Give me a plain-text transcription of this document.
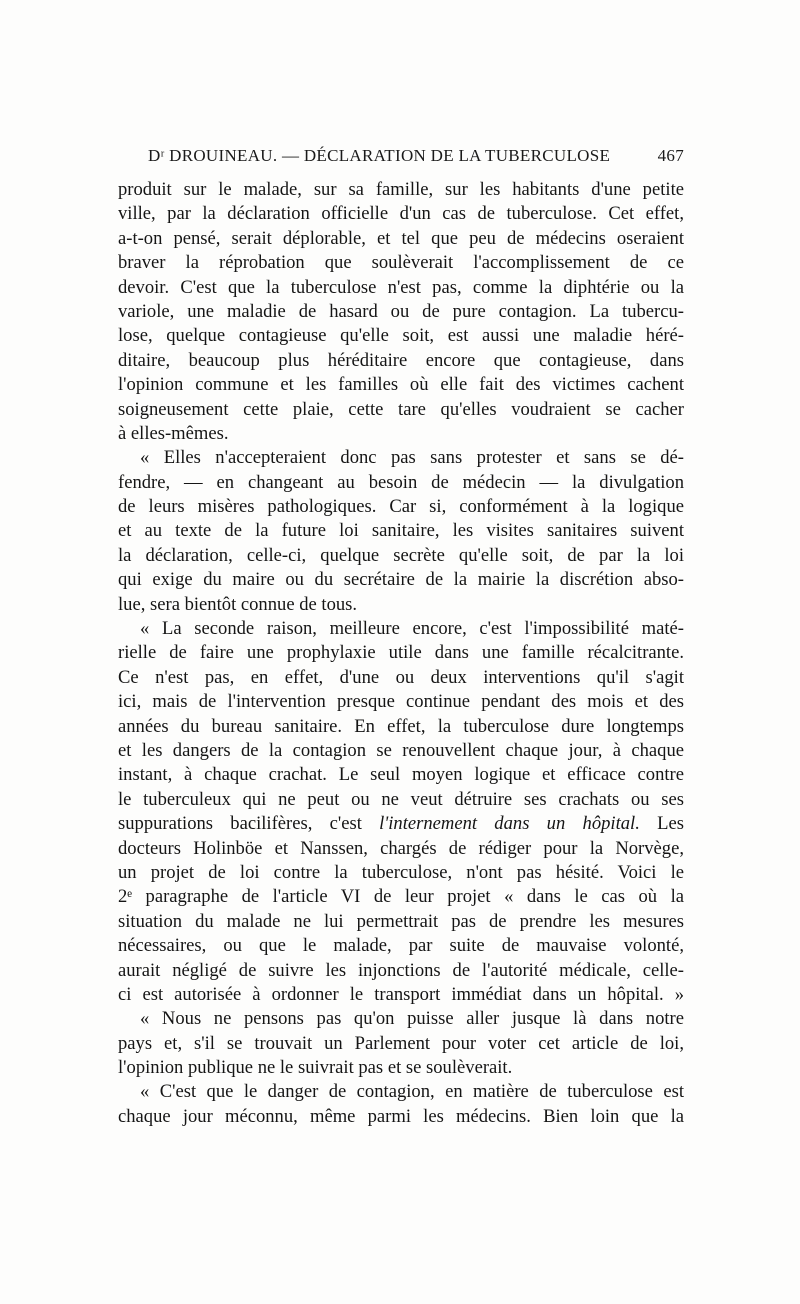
Dʳ DROUINEAU. — DÉCLARATION DE LA TUBERCULOSE	467
produit sur le malade, sur sa famille, sur les habitants d'une petite
ville, par la déclaration officielle d'un cas de tuberculose. Cet effet,
a-t-on pensé, serait déplorable, et tel que peu de médecins oseraient
braver la réprobation que soulèverait l'accomplissement de ce
devoir. C'est que la tuberculose n'est pas, comme la diphtérie ou la
variole, une maladie de hasard ou de pure contagion. La tubercu-
lose, quelque contagieuse qu'elle soit, est aussi une maladie héré-
ditaire, beaucoup plus héréditaire encore que contagieuse, dans
l'opinion commune et les familles où elle fait des victimes cachent
soigneusement cette plaie, cette tare qu'elles voudraient se cacher
à elles-mêmes.
« Elles n'accepteraient donc pas sans protester et sans se dé-
fendre, — en changeant au besoin de médecin — la divulgation
de leurs misères pathologiques. Car si, conformément à la logique
et au texte de la future loi sanitaire, les visites sanitaires suivent
la déclaration, celle-ci, quelque secrète qu'elle soit, de par la loi
qui exige du maire ou du secrétaire de la mairie la discrétion abso-
lue, sera bientôt connue de tous.
« La seconde raison, meilleure encore, c'est l'impossibilité maté-
rielle de faire une prophylaxie utile dans une famille récalcitrante.
Ce n'est pas, en effet, d'une ou deux interventions qu'il s'agit
ici, mais de l'intervention presque continue pendant des mois et des
années du bureau sanitaire. En effet, la tuberculose dure longtemps
et les dangers de la contagion se renouvellent chaque jour, à chaque
instant, à chaque crachat. Le seul moyen logique et efficace contre
le tuberculeux qui ne peut ou ne veut détruire ses crachats ou ses
suppurations bacilifères, c'est l'internement dans un hôpital. Les
docteurs Holinböe et Nanssen, chargés de rédiger pour la Norvège,
un projet de loi contre la tuberculose, n'ont pas hésité. Voici le
2ᵉ paragraphe de l'article VI de leur projet « dans le cas où la
situation du malade ne lui permettrait pas de prendre les mesures
nécessaires, ou que le malade, par suite de mauvaise volonté,
aurait négligé de suivre les injonctions de l'autorité médicale, celle-
ci est autorisée à ordonner le transport immédiat dans un hôpital. »
« Nous ne pensons pas qu'on puisse aller jusque là dans notre
pays et, s'il se trouvait un Parlement pour voter cet article de loi,
l'opinion publique ne le suivrait pas et se soulèverait.
« C'est que le danger de contagion, en matière de tuberculose est
chaque jour méconnu, même parmi les médecins. Bien loin que la
